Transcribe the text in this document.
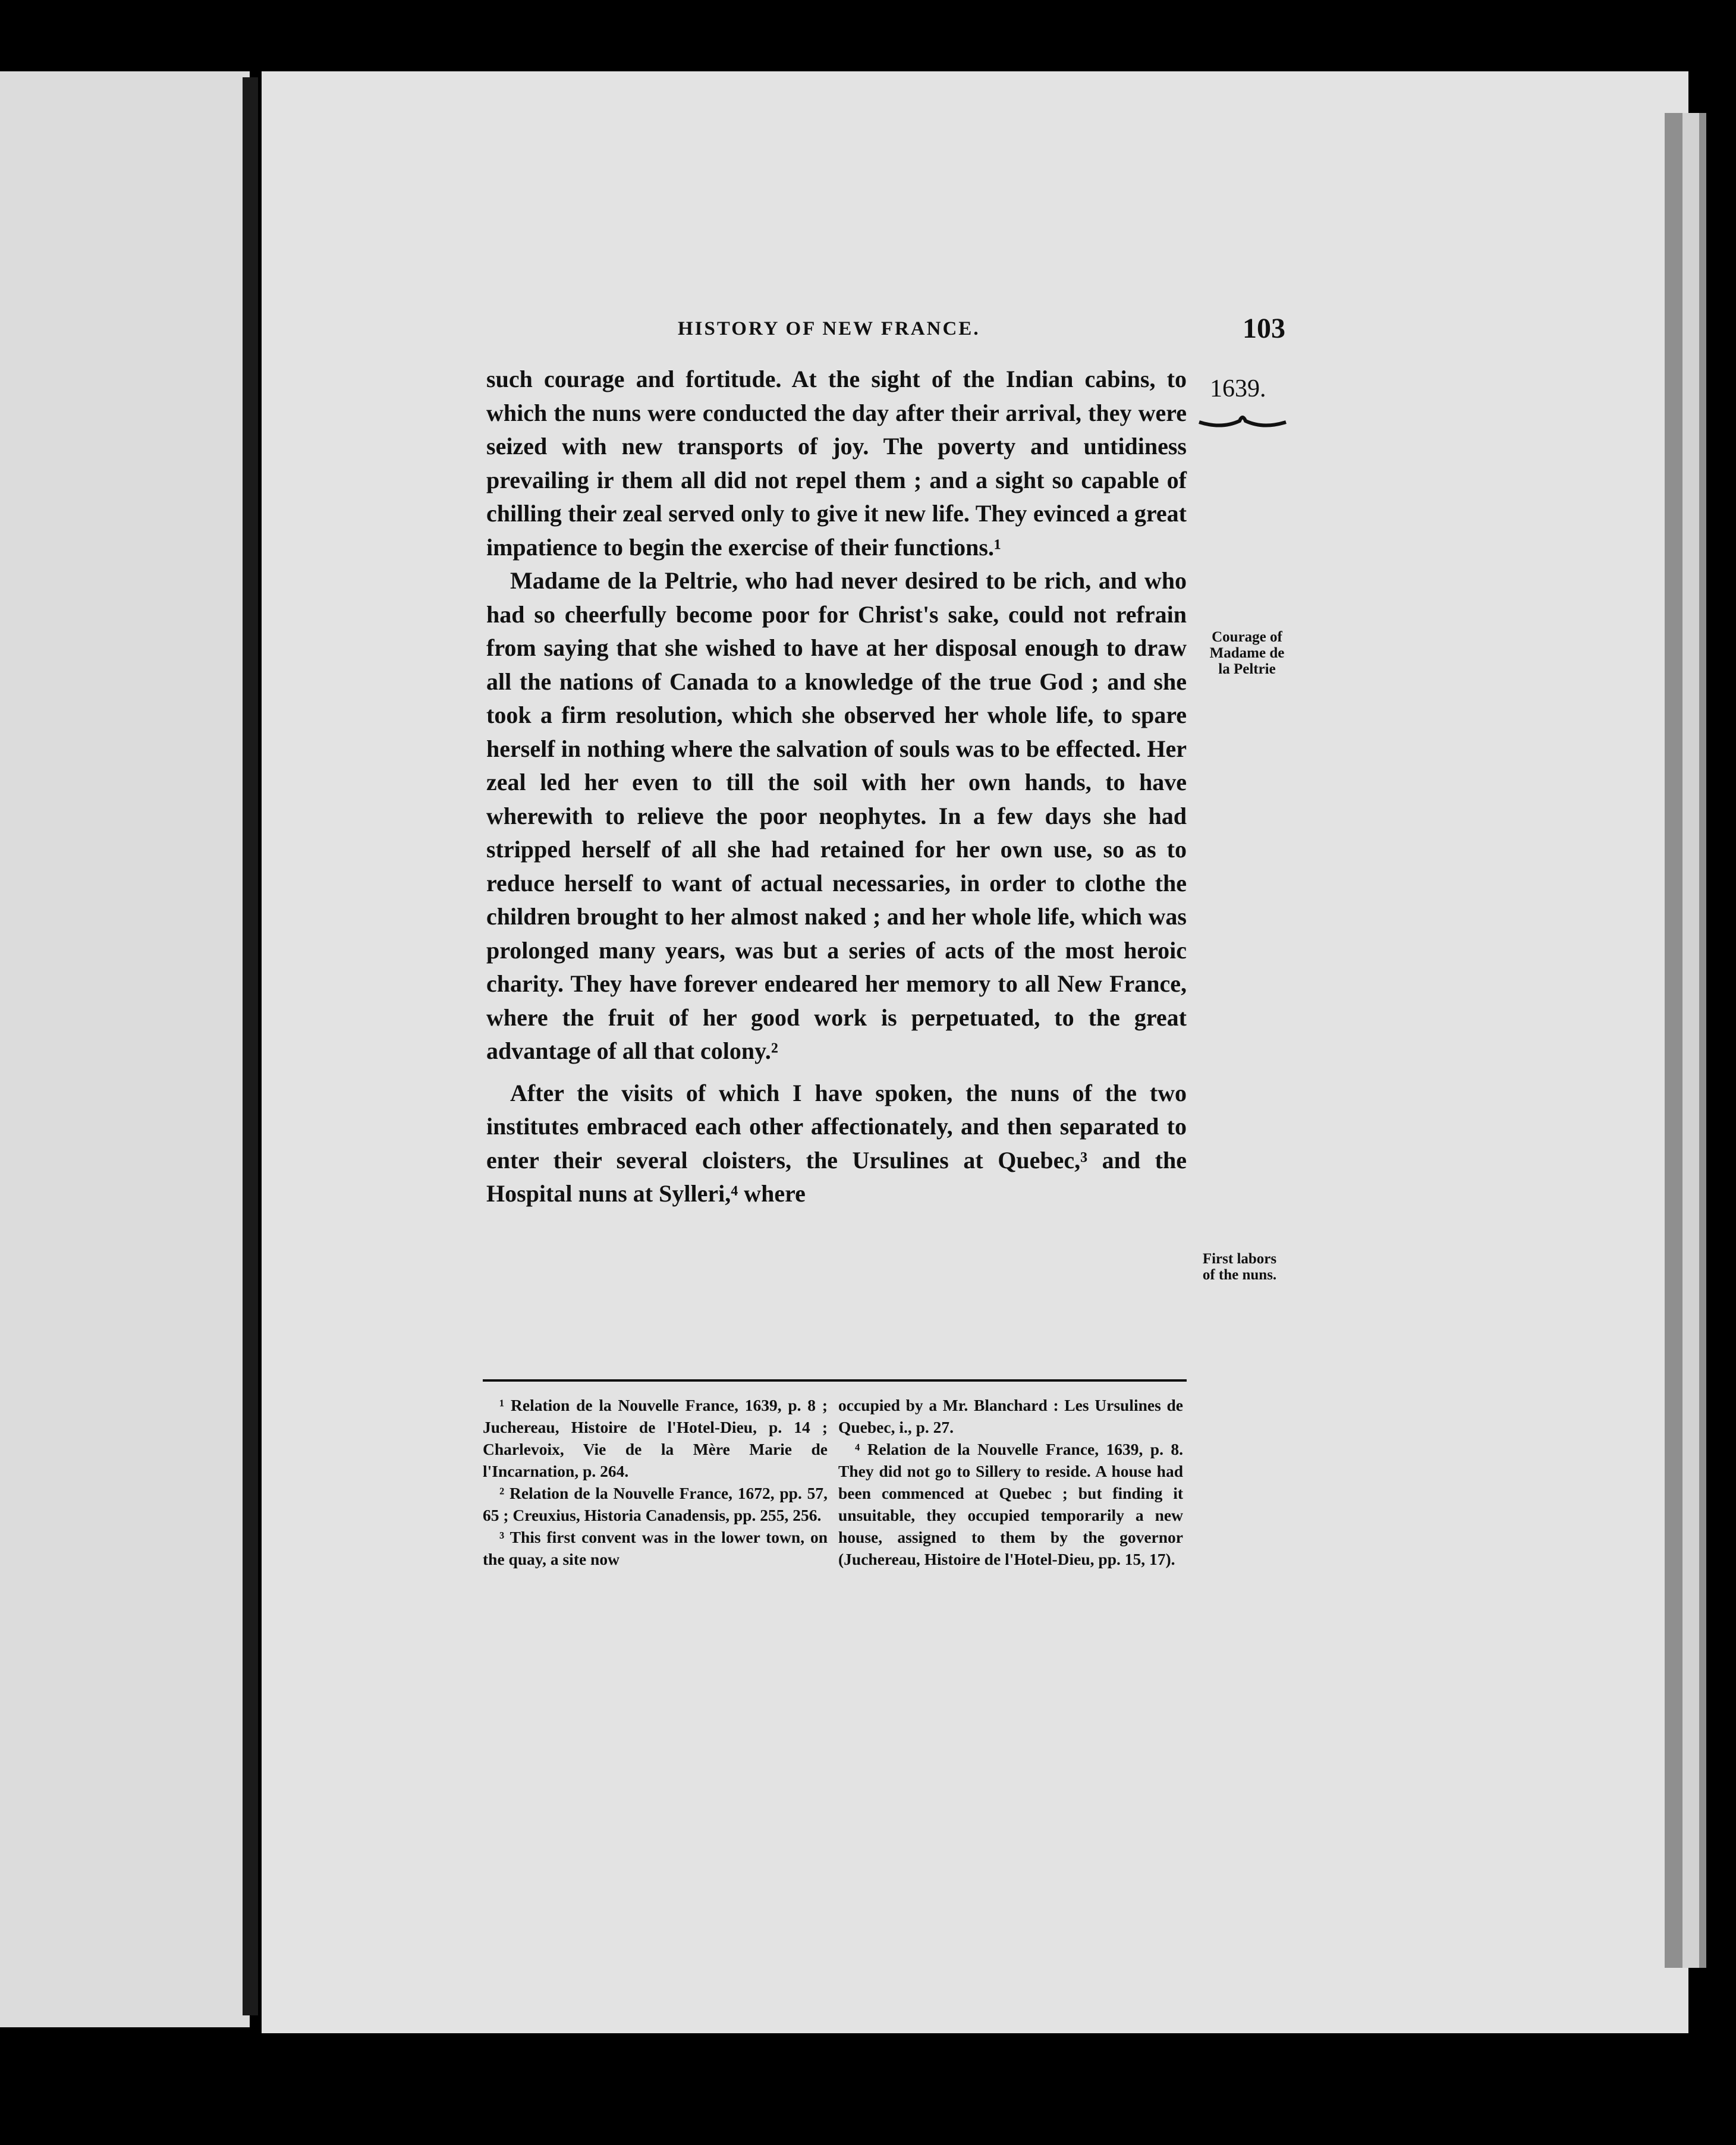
HISTORY OF NEW FRANCE.	103
1639.
Courage of
Madame de
la Peltrie
First labors
of the nuns.

such courage and fortitude. At the sight of the Indian cabins, to which the nuns were conducted the day after their arrival, they were seized with new transports of joy. The poverty and untidiness prevailing ir them all did not repel them ; and a sight so capable of chilling their zeal served only to give it new life. They evinced a great impatience to begin the exercise of their functions.¹

Madame de la Peltrie, who had never desired to be rich, and who had so cheerfully become poor for Christ's sake, could not refrain from saying that she wished to have at her disposal enough to draw all the nations of Canada to a knowledge of the true God ; and she took a firm resolution, which she observed her whole life, to spare herself in nothing where the salvation of souls was to be effected. Her zeal led her even to till the soil with her own hands, to have wherewith to relieve the poor neophytes. In a few days she had stripped herself of all she had retained for her own use, so as to reduce herself to want of actual necessaries, in order to clothe the children brought to her almost naked ; and her whole life, which was prolonged many years, was but a series of acts of the most heroic charity. They have forever endeared her memory to all New France, where the fruit of her good work is perpetuated, to the great advantage of all that colony.²

After the visits of which I have spoken, the nuns of the two institutes embraced each other affectionately, and then separated to enter their several cloisters, the Ursulines at Quebec,³ and the Hospital nuns at Sylleri,⁴ where

¹ Relation de la Nouvelle France, 1639, p. 8 ; Juchereau, Histoire de l'Hotel-Dieu, p. 14 ; Charlevoix, Vie de la Mère Marie de l'Incarnation, p. 264.

² Relation de la Nouvelle France, 1672, pp. 57, 65 ; Creuxius, Historia Canadensis, pp. 255, 256.

³ This first convent was in the lower town, on the quay, a site now

occupied by a Mr. Blanchard : Les Ursulines de Quebec, i., p. 27.

⁴ Relation de la Nouvelle France, 1639, p. 8. They did not go to Sillery to reside. A house had been commenced at Quebec ; but finding it unsuitable, they occupied temporarily a new house, assigned to them by the governor (Juchereau, Histoire de l'Hotel-Dieu, pp. 15, 17).
